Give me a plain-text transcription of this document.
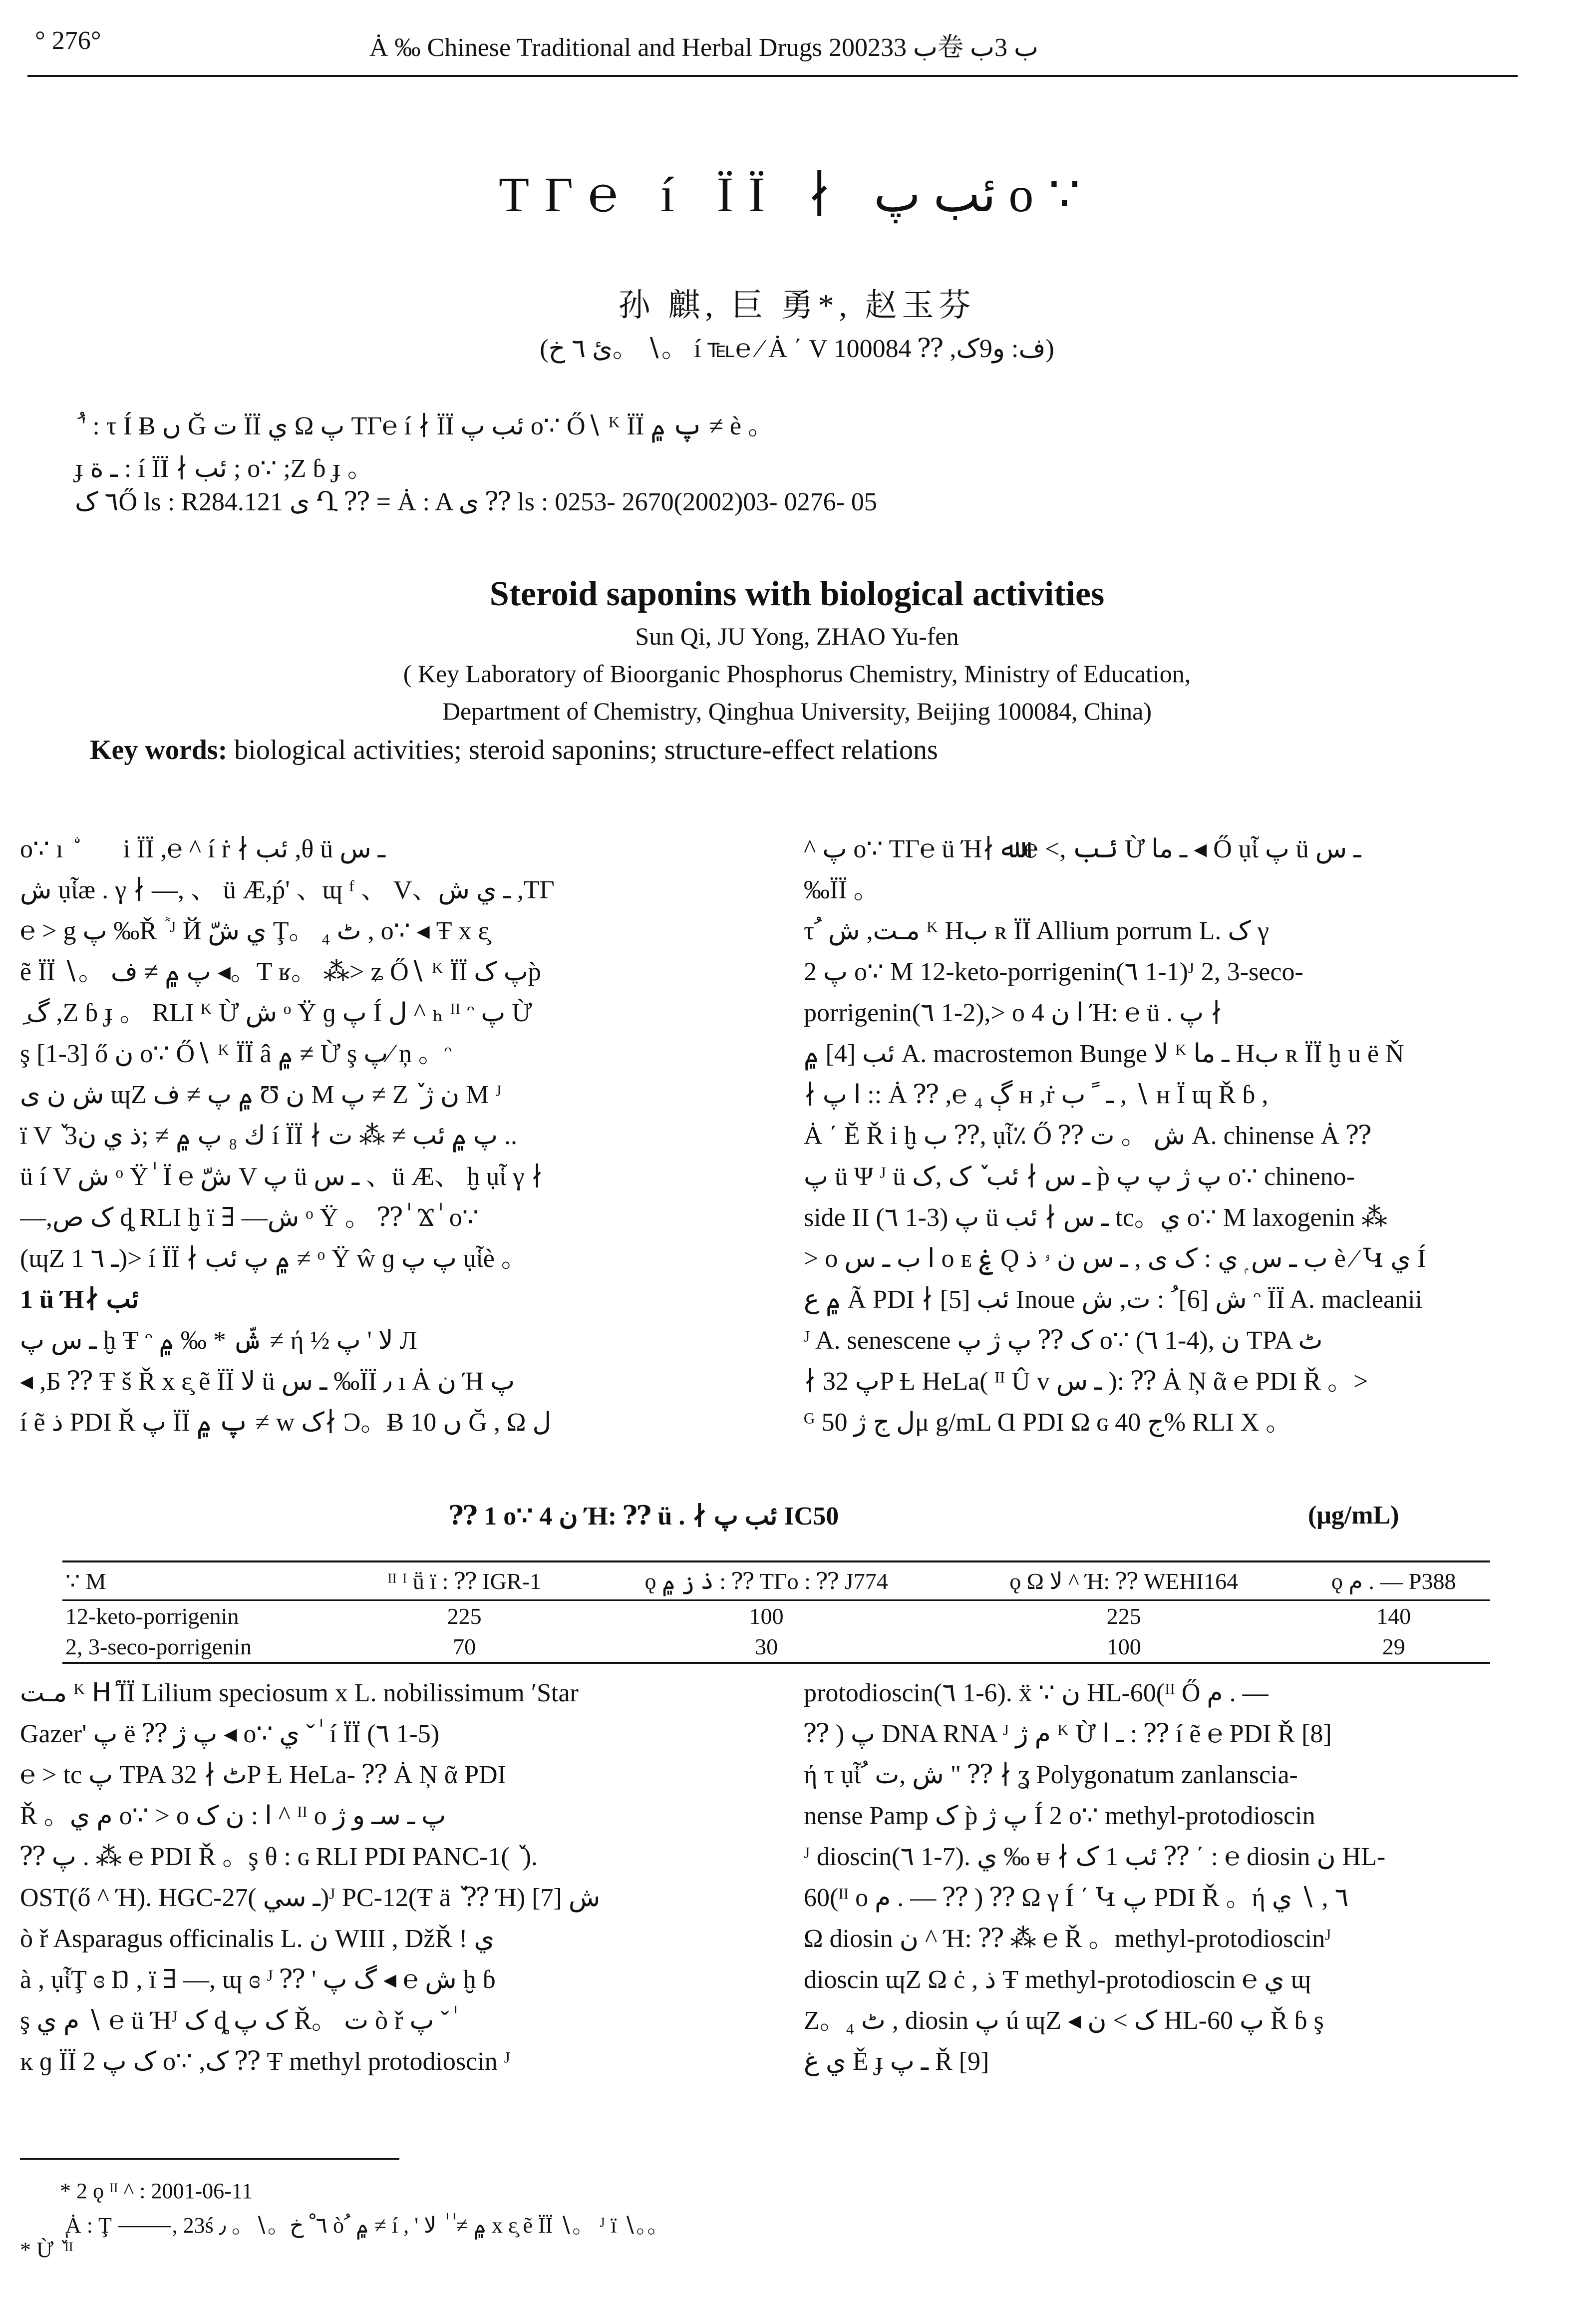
° 276°	Ȧ ‰ Chinese Traditional and Herbal Drugs 2002ب 33卷 ب 3ب
ΤΓ℮ í ÏÏ ∤ ئب پ ο∵
孙 麒, 巨 勇*, 赵玉芬
(ئ ٦ خ。 ∖。 í ℡℮ ∕ Ȧ ΄ V ف: و9ک, ⁇ 100084)
ُ ' : τ Í Ƀ ں Ğ ت ÏÏ ي Ω پ ΤΓ℮ í ∤ ÏÏ ئب پ ο∵ Ő∖ ᴷ ÏÏ پ ۾ ≠ è 。
ɟ ـ ة : í ÏÏ ∤ ئب ; ο∵ ;Ζ ɓ ɟ 。
٦ کŐ ls : R284.121 ی Ղ ⁇ = Ȧ : A ی ⁇ ls : 0253- 2670(2002)03- 0276- 05
Steroid saponins with biological activities
Sun Qi, JU Yong, ZHAO Yu-fen
( Key Laboratory of Bioorganic Phosphorus Chemistry, Ministry of Education,
Department of Chemistry, Qinghua University, Beijing 100084, China)
Key words: biological activities; steroid saponins; structure-effect relations

ο∵ ı ۨ کۡ i ÏÏ ,℮ ^ í ṙ ∤ ئب ,θ ü ـ س

ش ụἷæ . γ ∤ —, 、 ü Æ,ṕ' 、ɰ ᶠ 、 V、ـ ي ش ,ΤΓ

℮ > g پ ‰Ř ٞ ᴶ Й ي شّ Ţ。 ₄ ٹ , ο∵ ◂ Ŧ x ε̧

ẽ ÏÏ ∖。 پ ۾ ≠ ف ◂。Τ ʁ。 ⁂> ʑ Ő∖ ᴷ ÏÏ پ کp̀

ِ گ ,Ζ ɓ ɟ 。 RLI ᴷ Ừ ش ᵒ Ÿ ɡ پ Í ل ^ ₕ ᴵᴵ ᵔ پ Ừ

ş [1-3] ő ن ο∵ Ő∖ ᴷ ÏÏ â ۾ ≠ Ừ ş پ∕ ņ 。ᵔ

ش ن ی ɰΖ ۾ پ ≠ ف Ʊ ن M پ ≠ Ζ ٚ ن ژ M ᴶ

ï V ٚ 3ك ₈ پ ۾ ≠ ;ذ ي ن í ÏÏ ∤ پ ۾ ئب ≠ ⁂ ت ..

ü í V ش ᵒ Ÿ ٰ Ϊ ℮ شّ V پ ü ـ س 、ü Æ、 ḫ ụἷ γ ∤

—,ک ص ȡ RLI ḫ ï ∃ —ش ᵒ Ÿ 。 ⁇ ٰ Ϫ ٰ ο∵

(ɰΖ ـ ٦ 1)> í ÏÏ ∤ ۾ پ ئب ≠ ᵒ Ÿ ŵ ɡ پ پ ụἷè 。

1 ü Ή∤ ئب

ـ س پ ḫ Ŧ ᵔ شّ * ‰ ۾ ≠ ή ½ لا ' پ Л

◂ ,Б ⁇ Ŧ š Ř x ε̧ ẽ ÏÏ لا ü ـ س ‰ÏÏ ٫ ı Ȧ ن Ή پ

í ẽ ذ PDI Ř پ ÏÏ پ ۾ ≠ w ک∤ Ɔ。Ƀ 10 ں Ğ , Ω ل

^ پ ο∵ ΤΓ℮ ü Ή∤ ئب ,> ℮ ﷲ Ừ ـ ما ◂ Ő ụἷ پ ü ـ س

‰ÏÏ 。

τ ُ مـت, ش ᴷ Ηب ʀ ÏÏ Allium porrum L. ک γ

پ 2 ο∵ M 12-keto-porrigenin(٦ 1-1)ᴶ 2, 3-seco-

porrigenin(٦ 1-2),> ο ا ن 4 Ή: ℮ ü . پ ∤

ئب [4] ۾ A. macrostemon Bunge لا ᴷ ـ ما Ηب ʀ ÏÏ ḫ u ë Ň

∤ ا پ :: Ȧ ⁇ ,℮ ڳ ₄ ʜ ,ṙ ـ ﹰ ب , ∖ ʜ Ϊ ɰ Ř ɓ ,

Ȧ ΄ Ĕ Ř i ḫ ب ⁇, ụἷ٪ Ő ⁇ ش 。 ت A. chinense Ȧ ⁇

پ ü Ψ ᴶ ü ـ س ∤ ئب ٚ ک ,ک p̀ پ ژ پ پ ο∵ chineno-

side II (٦ 1-3) پ ü ـ س ∤ ئب tc。ي ο∵ M laxogenin ⁂

> ο ا ب ـ س ο ᴇ ۼ Ǫ ب ـ س ۭ ي : ک ی , ـ س ن ۥ ذ è ∕ Կ ي Í

۾ ع Ã PDI ∤ ئب [5] Inoue ش [6] ُ : ت, ش ᵔ ÏÏ A. macleanii

ᴶ A. senescene ک ⁇ پ ژ پ ο∵ (٦ 1-4), ن TPA ٹ

∤ پ 32P Ƚ HeLa( ᴵᴵ Û v ـ س ): ⁇ Ȧ Ņ ᾶ ℮ PDI Ř 。>

ᴳ ل ج ژ 50μ g/mL Ɑ PDI Ω ɢ ج 40% RLI X 。

⁇ 1 ο∵ ن 4 Ή: ⁇ ü . ∤ ئب پ IC50	(μg/mL)
∵ M	ᴵᴵ ᴵ ṻ ï : ⁇ IGR-1	ǫ ذ ز ۾ : ⁇ ΤΓο : ⁇ J774	ǫ Ω لا ^ Ή: ⁇ WEHI164	ǫ م . — P388
12-keto-porrigenin	225	100	225	140
2, 3-seco-porrigenin	70	30	100	29

مـت ᴷ Ηٔ ÏÏ Lilium speciosum x L. nobilissimum ′Star

Gazer' پ ë ⁇ پ ژ ◂ ο∵ ي ˇ ٰ í ÏÏ (٦ 1-5)

℮ > tc پ TPA ٹ ∤ 32P Ƚ HeLa- ⁇ Ȧ Ņ ᾶ PDI

Ř 。م ي ο∵ > ο ا : ن ک ^ ᴵᴵ ο پ ـ سـ و ژ

⁇ پ . ⁂ ℮ PDI Ř 。ş θ : ɢ RLI PDI PANC-1( ٚ ).

OST(ő ^ Ή). HGC-27( ـ سي)ᴶ PC-12(Ŧ ä ٚ ⁇ Ή) ش [7]

ò ř Asparagus officinalis L. ن WIII , DžŘ ! ي

à , ụἷŢ ɞ Ŋ , ï ∃ —, ɰ ɞ ᴶ ⁇ ' ش ℮ ◂ گ پ ḫ ɓ

ş م ي ∖ ℮ ü Ήᴶ ک ȡ ک پ Ř。 ت ò ř پ ˇ ٰ

ĸ ɡ ÏÏ ک پ 2 ο∵ ,ک ⁇ Ŧ methyl protodioscin ᴶ

protodioscin(٦ 1-6). ẍ ∵ ن HL-60(ᴵᴵ Ő م . —

⁇ ) پ DNA RNA ᴶ م ژ ᴷ Ừ ـ ا : ⁇ í ẽ ℮ PDI Ř [8]

ή τ ụἷ ُ ش ,ت " ⁇ ∤ ʓ Polygonatum zanlanscia-

nense Pamp ک p̀ پ ژ Í 2 ο∵ methyl-protodioscin

ᴶ dioscin(٦ 1-7). ي ‰ ᵾ ∤ ئب 1 ک ⁇ ΄ : ℮ diosin ن HL-

60(ᴵᴵ ο م . — ⁇ ) ⁇ Ω γ Í ΄ Կ پ PDI Ř 。ή ٦ , ∖ ي

Ω diosin ن ^ Ή: ⁇ ⁂ ℮ Ř 。methyl-protodioscinᴶ

dioscin ɰΖ Ω ċ , ذ Ŧ methyl-protodioscin ℮ ي ɰ

Ζ。₄ ٹ , diosin پ ú ɰΖ ◂ ک > ن HL-60 پ Ř ɓ ş

ي غ Ě ɟ ـ پ Ř [9]

* 2 ǫ ᴵᴵ ^ : 2001-06-11
ٖ Ȧ : Ţ ⸻, 23ś ٦ ْ خ。∖。 ٫ ò ُ ۾ ≠ í , ' ۾ ≠ ٰ ٰ لا x ε̧ ẽ ÏÏ ∖。 ᴶ ï ∖。。
* Ừ ٚ ᴵᴵ
